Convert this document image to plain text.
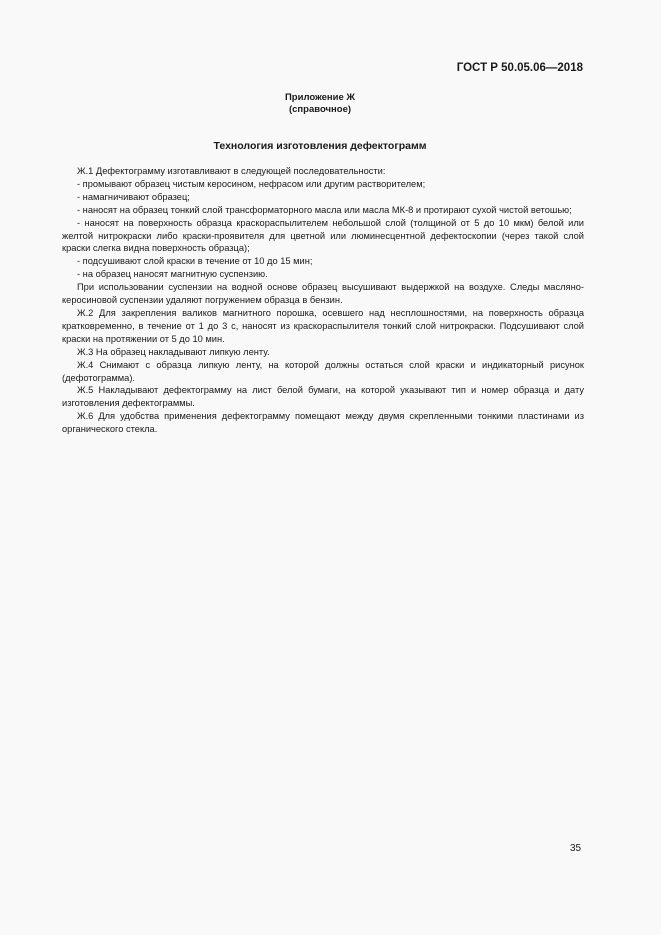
ГОСТ Р 50.05.06—2018
Приложение Ж
(справочное)
Технология изготовления дефектограмм

Ж.1 Дефектограмму изготавливают в следующей последовательности:

- промывают образец чистым керосином, нефрасом или другим растворителем;

- намагничивают образец;

- наносят на образец тонкий слой трансформаторного масла или масла МК-8 и протирают сухой чистой ветошью;

- наносят на поверхность образца краскораспылителем небольшой слой (толщиной от 5 до 10 мкм) белой или желтой нитрокраски либо краски-проявителя для цветной или люминесцентной дефектоскопии (через такой слой краски слегка видна поверхность образца);

- подсушивают слой краски в течение от 10 до 15 мин;

- на образец наносят магнитную суспензию.

При использовании суспензии на водной основе образец высушивают выдержкой на воздухе. Следы масляно-керосиновой суспензии удаляют погружением образца в бензин.

Ж.2 Для закрепления валиков магнитного порошка, осевшего над несплошностями, на поверхность образца кратковременно, в течение от 1 до 3 с, наносят из краскораспылителя тонкий слой нитрокраски. Подсушивают слой краски на протяжении от 5 до 10 мин.

Ж.3 На образец накладывают липкую ленту.

Ж.4 Снимают с образца липкую ленту, на которой должны остаться слой краски и индикаторный рисунок (дефотограмма).

Ж.5 Накладывают дефектограмму на лист белой бумаги, на которой указывают тип и номер образца и дату изготовления дефектограммы.

Ж.6 Для удобства применения дефектограмму помещают между двумя скрепленными тонкими пластинами из органического стекла.

35
